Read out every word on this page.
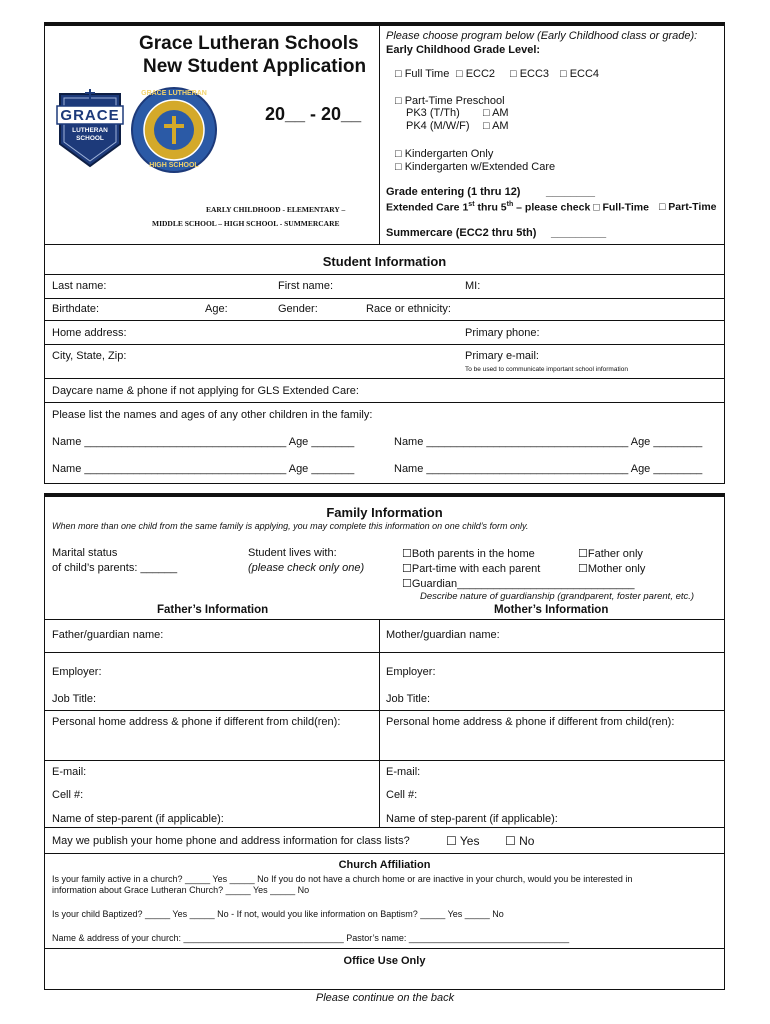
Grace Lutheran Schools
New Student Application
GRACE
LUTHERAN SCHOOL
GRACE LUTHERAN
HIGH SCHOOL
20__ - 20__
EARLY CHILDHOOD - ELEMENTARY –
MIDDLE SCHOOL – HIGH SCHOOL - SUMMERCARE
Please choose program below (Early Childhood class or grade):
Early Childhood Grade Level:
□ Full Time □ ECC2 □ ECC3 □ ECC4
□ Part-Time Preschool
PK3 (T/Th) □ AM
PK4 (M/W/F) □ AM
□ Kindergarten Only
□ Kindergarten w/Extended Care
Grade entering (1 thru 12) ________
Extended Care 1st thru 5th – please check □ Full-Time □ Part-Time
Summercare (ECC2 thru 5th) _________
Student Information
Last name:	First name:	MI:
Birthdate:	Age:	Gender:	Race or ethnicity:
Home address:	Primary phone:
City, State, Zip:	Primary e-mail:
To be used to communicate important school information
Daycare name & phone if not applying for GLS Extended Care:
Please list the names and ages of any other children in the family:
Name _________________________________ Age _______	Name _________________________________ Age ________
Name _________________________________ Age _______	Name _________________________________ Age ________
Family Information
When more than one child from the same family is applying, you may complete this information on one child’s form only.
Marital status
of child’s parents: ______
Student lives with:
(please check only one)
☐Both parents in the home	☐Father only
☐Part-time with each parent	☐Mother only
☐Guardian_____________________________
Describe nature of guardianship (grandparent, foster parent, etc.)
Father’s Information	Mother’s Information
Father/guardian name:	Mother/guardian name:
Employer:	Employer:
Job Title:	Job Title:
Personal home address & phone if different from child(ren):	Personal home address & phone if different from child(ren):
E-mail:	E-mail:
Cell #:	Cell #:
Name of step-parent (if applicable):	Name of step-parent (if applicable):
May we publish your home phone and address information for class lists?	☐ Yes ☐ No
Church Affiliation
Is your family active in a church? _____ Yes _____ No If you do not have a church home or are inactive in your church, would you be interested in
information about Grace Lutheran Church? _____ Yes _____ No
Is your child Baptized? _____ Yes _____ No - If not, would you like information on Baptism? _____ Yes _____ No
Name & address of your church: ________________________________ Pastor’s name: ________________________________
Office Use Only
Please continue on the back
